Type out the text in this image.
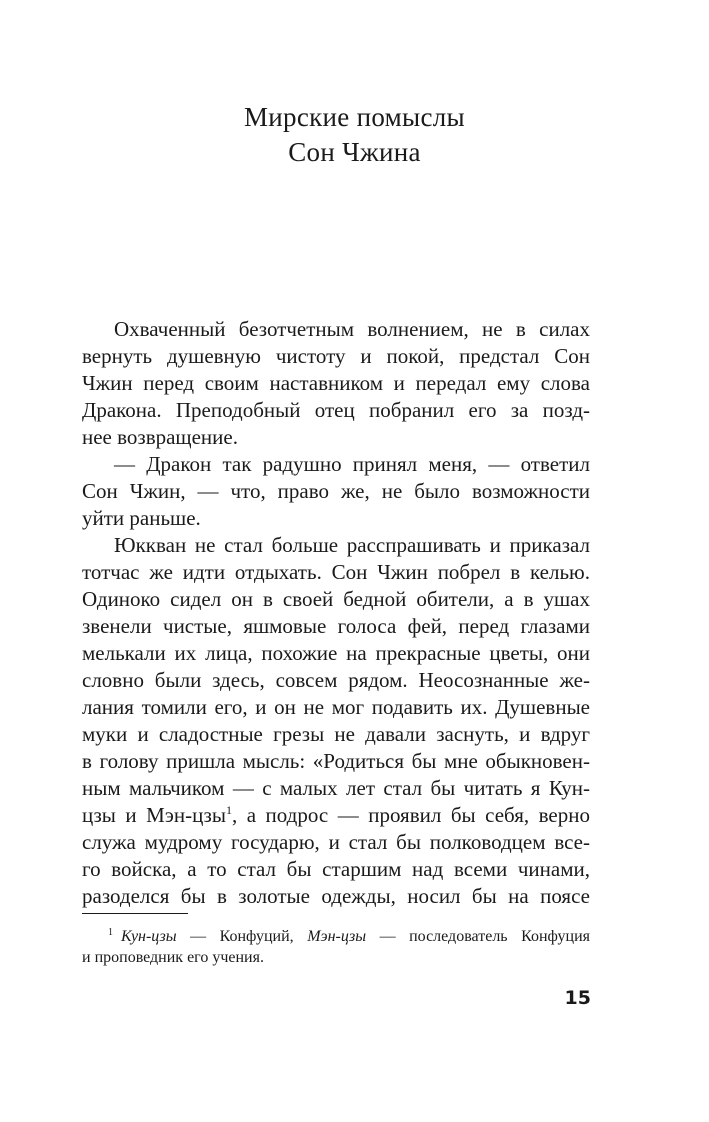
Мирские помыслы
Сон Чжина
Охваченный безотчетным волнением, не в силах
вернуть душевную чистоту и покой, предстал Сон
Чжин перед своим наставником и передал ему слова
Дракона. Преподобный отец побранил его за позд-
нее возвращение.
— Дракон так радушно принял меня, — ответил
Сон Чжин, — что, право же, не было возможности
уйти раньше.
Юккван не стал больше расспрашивать и приказал
тотчас же идти отдыхать. Сон Чжин побрел в келью.
Одиноко сидел он в своей бедной обители, а в ушах
звенели чистые, яшмовые голоса фей, перед глазами
мелькали их лица, похожие на прекрасные цветы, они
словно были здесь, совсем рядом. Неосознанные же-
лания томили его, и он не мог подавить их. Душевные
муки и сладостные грезы не давали заснуть, и вдруг
в голову пришла мысль: «Родиться бы мне обыкновен-
ным мальчиком — с малых лет стал бы читать я Кун-
цзы и Мэн-цзы$^1$, а подрос — проявил бы себя, верно
служа мудрому государю, и стал бы полководцем все-
го войска, а то стал бы старшим над всеми чинами,
разоделся бы в золотые одежды, носил бы на поясе
$^1$ Кун-цзы — Конфуций, Мэн-цзы — последователь Конфуция
и проповедник его учения.
15
